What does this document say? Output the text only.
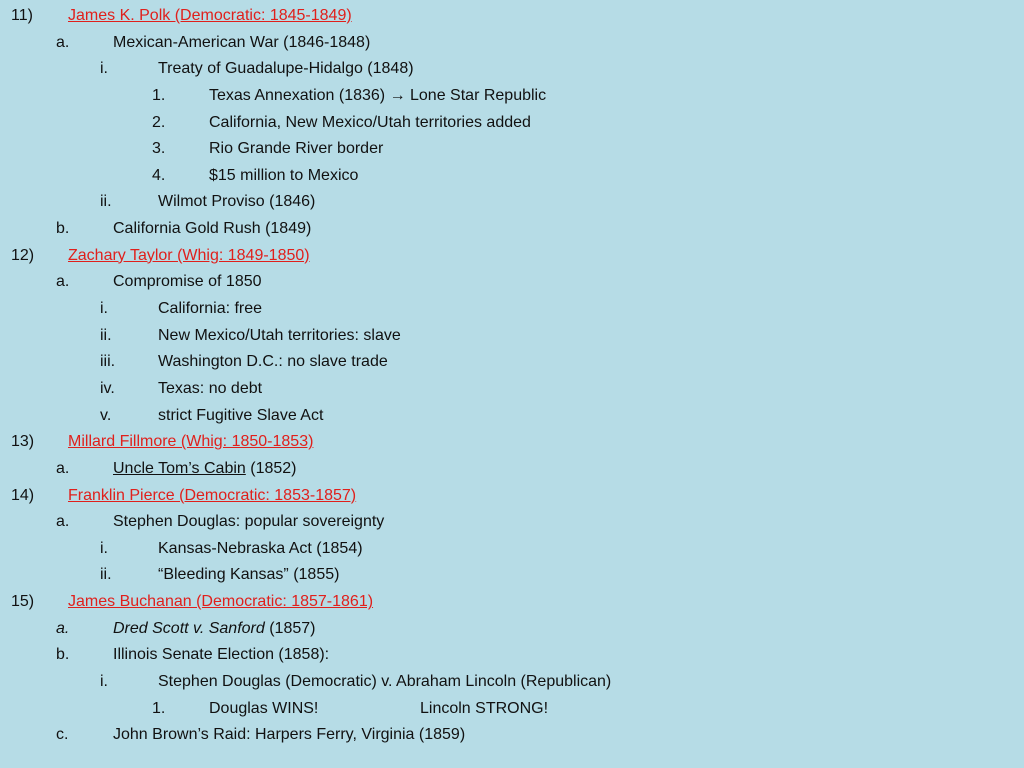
11) James K. Polk (Democratic: 1845-1849)
a.	Mexican-American War (1846-1848)
i.	Treaty of Guadalupe-Hidalgo (1848)
1.	Texas Annexation (1836) → Lone Star Republic
2.	California, New Mexico/Utah territories added
3.	Rio Grande River border
4.	$15 million to Mexico
ii.	Wilmot Proviso (1846)
b.	California Gold Rush (1849)
12) Zachary Taylor (Whig: 1849-1850)
a.	Compromise of 1850
i.	California: free
ii.	New Mexico/Utah territories: slave
iii.	Washington D.C.: no slave trade
iv.	Texas: no debt
v.	strict Fugitive Slave Act
13) Millard Fillmore (Whig: 1850-1853)
a.	Uncle Tom’s Cabin (1852)
14) Franklin Pierce (Democratic: 1853-1857)
a.	Stephen Douglas: popular sovereignty
i.	Kansas-Nebraska Act (1854)
ii.	“Bleeding Kansas” (1855)
15) James Buchanan (Democratic: 1857-1861)
a.	Dred Scott v. Sanford (1857)
b.	Illinois Senate Election (1858):
i.	Stephen Douglas (Democratic) v. Abraham Lincoln (Republican)
1.	Douglas WINS!	Lincoln STRONG!
c.	John Brown’s Raid: Harpers Ferry, Virginia (1859)
